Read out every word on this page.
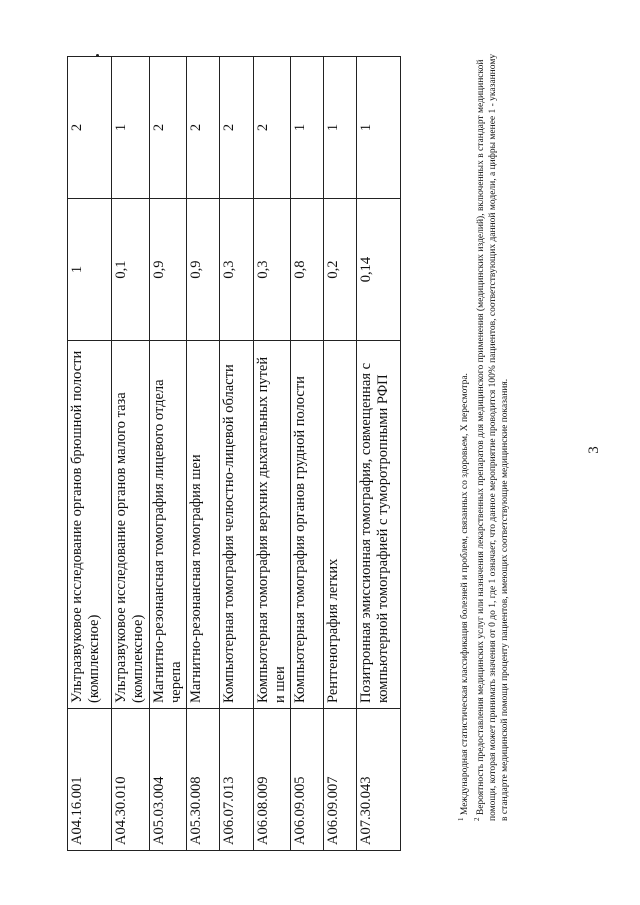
3
A04.16.001	Ультразвуковое исследование органов брюшной полости (комплексное)	1	2
A04.30.010	Ультразвуковое исследование органов малого таза (комплексное)	0,1	1
A05.03.004	Магнитно-резонансная томография лицевого отдела черепа	0,9	2
A05.30.008	Магнитно-резонансная томография шеи	0,9	2
A06.07.013	Компьютерная томография челюстно-лицевой области	0,3	2
A06.08.009	Компьютерная томография верхних дыхательных путей и шеи	0,3	2
A06.09.005	Компьютерная томография органов грудной полости	0,8	1
A06.09.007	Рентгенография легких	0,2	1
A07.30.043	Позитронная эмиссионная томография, совмещенная с компьютерной томографией с туморотропными РФП	0,14	1

$^1$ Международная статистическая классификация болезней и проблем, связанных со здоровьем, X пересмотра.

$^2$ Вероятность предоставления медицинских услуг или назначения лекарственных препаратов для медицинского применения (медицинских изделий), включенных в стандарт медицинской помощи, которая может принимать значения от 0 до 1, где 1 означает, что данное мероприятие проводится 100% пациентов, соответствующих данной модели, а цифры менее 1 - указанному в стандарте медицинской помощи проценту пациентов, имеющих соответствующие медицинские показания.
